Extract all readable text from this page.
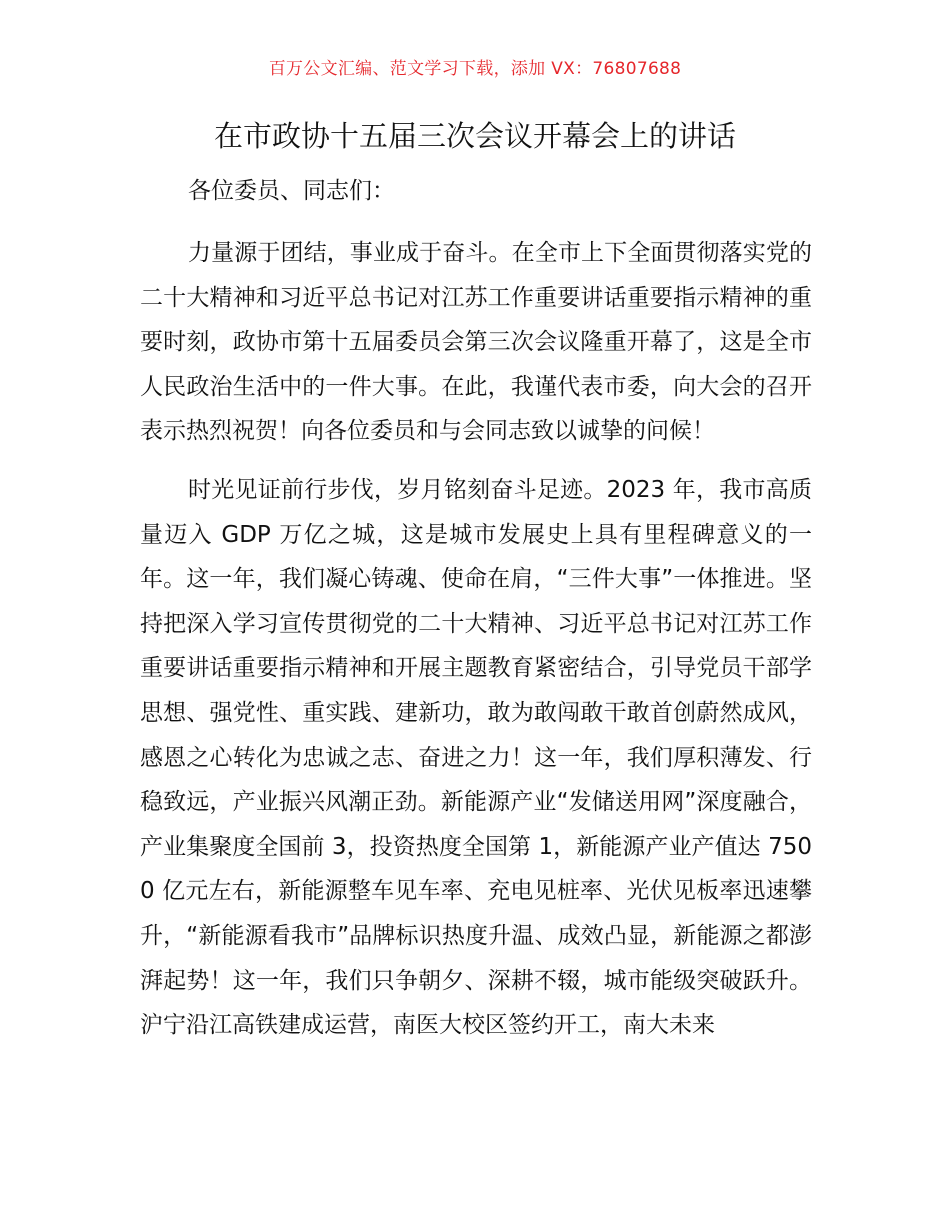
百万公文汇编、范文学习下载，添加 VX：76807688
在市政协十五届三次会议开幕会上的讲话

各位委员、同志们：

力量源于团结，事业成于奋斗。在全市上下全面贯彻落实党的二十大精神和习近平总书记对江苏工作重要讲话重要指示精神的重要时刻，政协市第十五届委员会第三次会议隆重开幕了，这是全市人民政治生活中的一件大事。在此，我谨代表市委，向大会的召开表示热烈祝贺！向各位委员和与会同志致以诚挚的问候！

时光见证前行步伐，岁月铭刻奋斗足迹。2023 年，我市高质量迈入 GDP 万亿之城，这是城市发展史上具有里程碑意义的一年。这一年，我们凝心铸魂、使命在肩，“三件大事”一体推进。坚持把深入学习宣传贯彻党的二十大精神、习近平总书记对江苏工作重要讲话重要指示精神和开展主题教育紧密结合，引导党员干部学思想、强党性、重实践、建新功，敢为敢闯敢干敢首创蔚然成风，感恩之心转化为忠诚之志、奋进之力！这一年，我们厚积薄发、行稳致远，产业振兴风潮正劲。新能源产业“发储送用网”深度融合，产业集聚度全国前 3，投资热度全国第 1，新能源产业产值达 7500 亿元左右，新能源整车见车率、充电见桩率、光伏见板率迅速攀升，“新能源看我市”品牌标识热度升温、成效凸显，新能源之都澎湃起势！这一年，我们只争朝夕、深耕不辍，城市能级突破跃升。沪宁沿江高铁建成运营，南医大校区签约开工，南大未来
